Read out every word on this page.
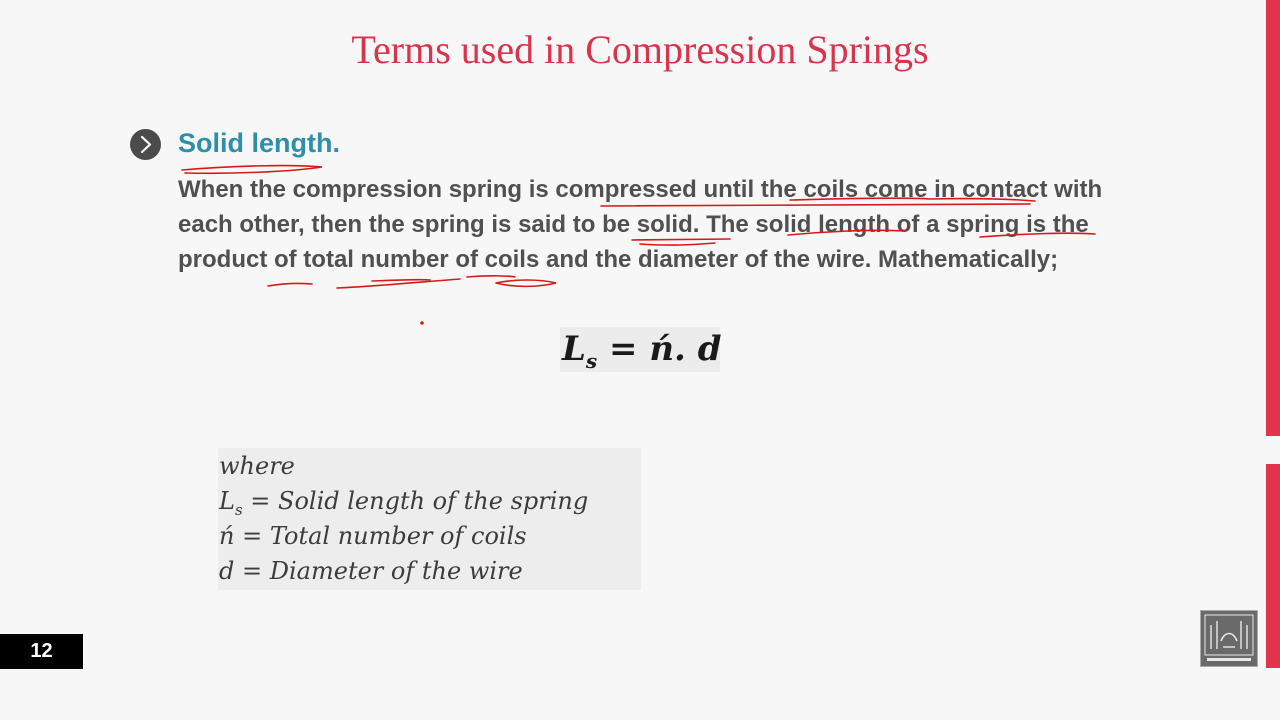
Terms used in Compression Springs
Solid length.

When the compression spring is compressed until the coils come in contact with
each other, then the spring is said to be solid. The solid length of a spring is the
product of total number of coils and the diameter of the wire. Mathematically;

$L_s$ = ń. d
where
$L_s$ = Solid length of the spring
ń = Total number of coils
d = Diameter of the wire
12
